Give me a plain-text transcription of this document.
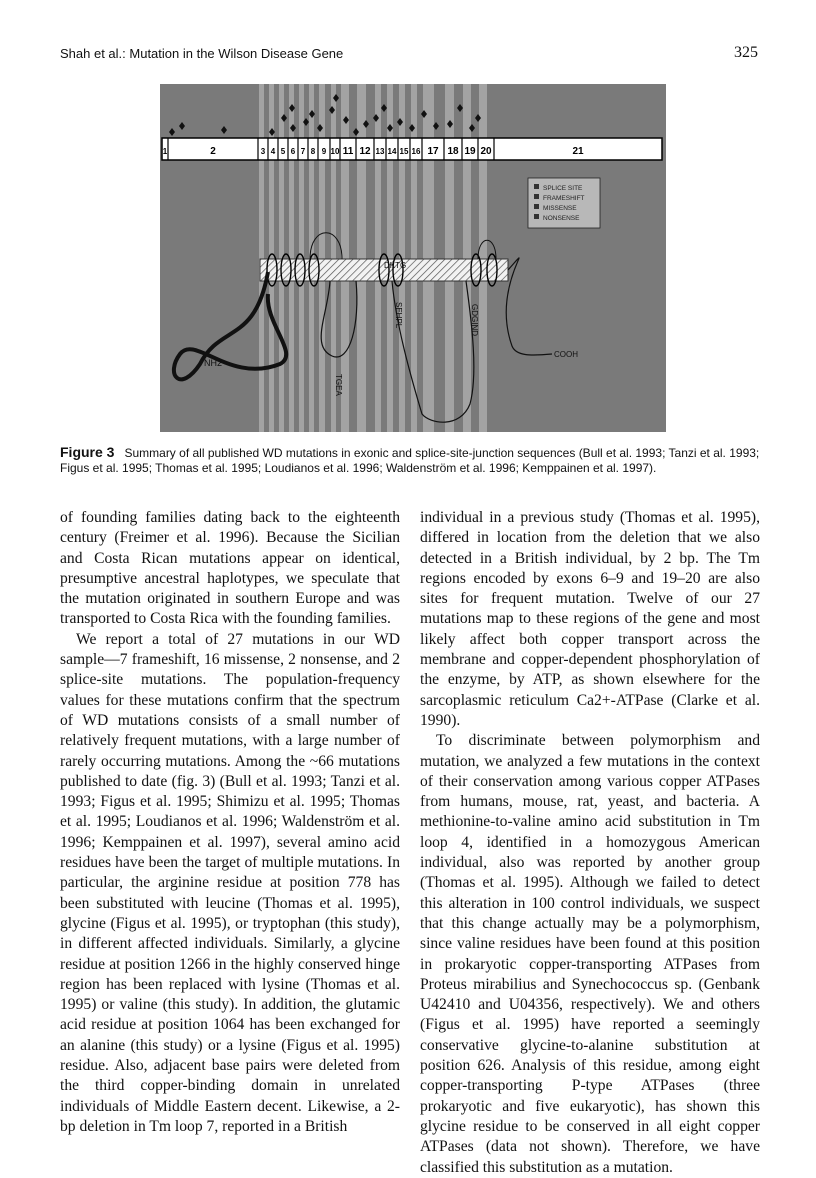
Shah et al.: Mutation in the Wilson Disease Gene	325
1	2	3 4 5 6 7 8 9 10 11 12 13 14 15 16 17 18 19 20	21
SPLICE SITE
FRAMESHIFT
MISSENSE
NONSENSE
NH2
TGEA
SEHPL
DKTG
GDGIND
COOH
Figure 3 Summary of all published WD mutations in exonic and splice-site-junction sequences (Bull et al. 1993; Tanzi et al. 1993; Figus et al. 1995; Thomas et al. 1995; Loudianos et al. 1996; Waldenström et al. 1996; Kemppainen et al. 1997).

of founding families dating back to the eighteenth century (Freimer et al. 1996). Because the Sicilian and Costa Rican mutations appear on identical, presumptive ancestral haplotypes, we speculate that the mutation originated in southern Europe and was transported to Costa Rica with the founding families.

We report a total of 27 mutations in our WD sample—7 frameshift, 16 missense, 2 nonsense, and 2 splice-site mutations. The population-frequency values for these mutations confirm that the spectrum of WD mutations consists of a small number of relatively frequent mutations, with a large number of rarely occurring mutations. Among the ~66 mutations published to date (fig. 3) (Bull et al. 1993; Tanzi et al. 1993; Figus et al. 1995; Shimizu et al. 1995; Thomas et al. 1995; Loudianos et al. 1996; Waldenström et al. 1996; Kemppainen et al. 1997), several amino acid residues have been the target of multiple mutations. In particular, the arginine residue at position 778 has been substituted with leucine (Thomas et al. 1995), glycine (Figus et al. 1995), or tryptophan (this study), in different affected individuals. Similarly, a glycine residue at position 1266 in the highly conserved hinge region has been replaced with lysine (Thomas et al. 1995) or valine (this study). In addition, the glutamic acid residue at position 1064 has been exchanged for an alanine (this study) or a lysine (Figus et al. 1995) residue. Also, adjacent base pairs were deleted from the third copper-binding domain in unrelated individuals of Middle Eastern decent. Likewise, a 2-bp deletion in Tm loop 7, reported in a British

individual in a previous study (Thomas et al. 1995), differed in location from the deletion that we also detected in a British individual, by 2 bp. The Tm regions encoded by exons 6–9 and 19–20 are also sites for frequent mutation. Twelve of our 27 mutations map to these regions of the gene and most likely affect both copper transport across the membrane and copper-dependent phosphorylation of the enzyme, by ATP, as shown elsewhere for the sarcoplasmic reticulum Ca2+-ATPase (Clarke et al. 1990).

To discriminate between polymorphism and mutation, we analyzed a few mutations in the context of their conservation among various copper ATPases from humans, mouse, rat, yeast, and bacteria. A methionine-to-valine amino acid substitution in Tm loop 4, identified in a homozygous American individual, also was reported by another group (Thomas et al. 1995). Although we failed to detect this alteration in 100 control individuals, we suspect that this change actually may be a polymorphism, since valine residues have been found at this position in prokaryotic copper-transporting ATPases from Proteus mirabilius and Synechococcus sp. (Genbank U42410 and U04356, respectively). We and others (Figus et al. 1995) have reported a seemingly conservative glycine-to-alanine substitution at position 626. Analysis of this residue, among eight copper-transporting P-type ATPases (three prokaryotic and five eukaryotic), has shown this glycine residue to be conserved in all eight copper ATPases (data not shown). Therefore, we have classified this substitution as a mutation.
